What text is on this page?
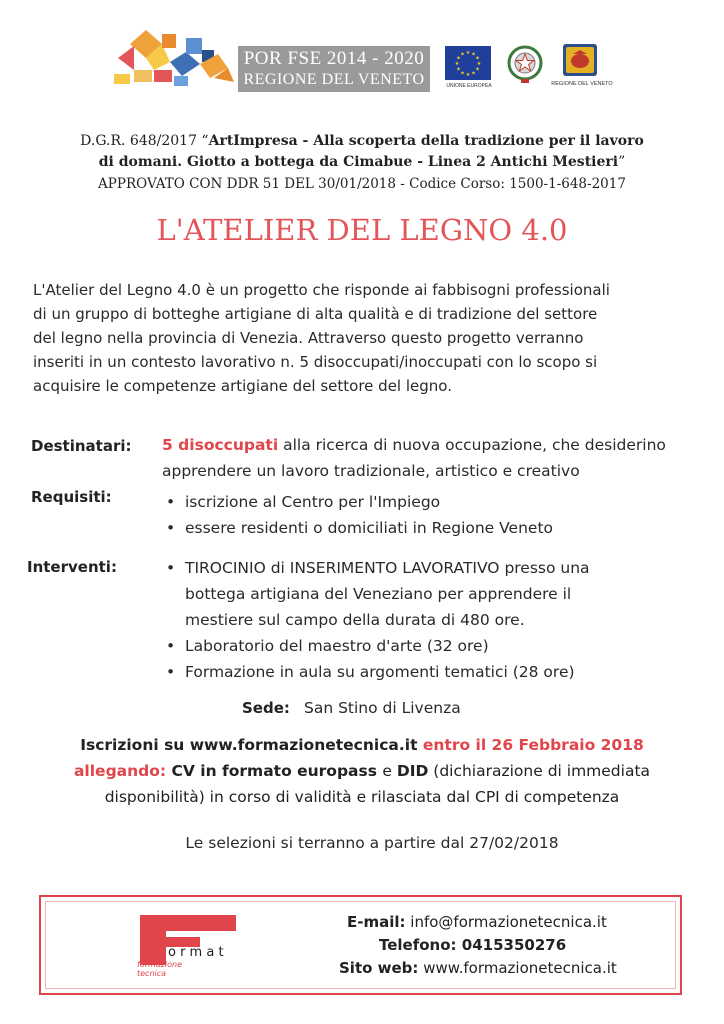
POR FSE 2014 - 2020
REGIONE DEL VENETO
★ ★
★
★
★
★
★
★
★
★
★
★
UNIONE EUROPEA	REGIONE DEL VENETO
D.G.R. 648/2017 “ArtImpresa - Alla scoperta della tradizione per il lavoro
di domani. Giotto a bottega da Cimabue - Linea 2 Antichi Mestieri”
APPROVATO CON DDR 51 DEL 30/01/2018 - Codice Corso: 1500-1-648-2017
L'ATELIER DEL LEGNO 4.0
L'Atelier del Legno 4.0 è un progetto che risponde ai fabbisogni professionali
di un gruppo di botteghe artigiane di alta qualità e di tradizione del settore
del legno nella provincia di Venezia. Attraverso questo progetto verranno
inseriti in un contesto lavorativo n. 5 disoccupati/inoccupati con lo scopo si
acquisire le competenze artigiane del settore del legno.
Destinatari: 5 disoccupati alla ricerca di nuova occupazione, che desiderino
apprendere un lavoro tradizionale, artistico e creativo
Requisiti:	• iscrizione al Centro per l'Impiego
• essere residenti o domiciliati in Regione Veneto
Interventi:	• TIROCINIO di INSERIMENTO LAVORATIVO presso una
bottega artigiana del Veneziano per apprendere il
mestiere sul campo della durata di 480 ore.
• Laboratorio del maestro d'arte (32 ore)
• Formazione in aula su argomenti tematici (28 ore)
Sede: San Stino di Livenza
Iscrizioni su www.formazionetecnica.it entro il 26 Febbraio 2018
allegando: CV in formato europass e DID (dichiarazione di immediata
disponibilità) in corso di validità e rilasciata dal CPI di competenza
Le selezioni si terranno a partire dal 27/02/2018
ormat
formazione
tecnica
E-mail: info@formazionetecnica.it
Telefono: 0415350276
Sito web: www.formazionetecnica.it
